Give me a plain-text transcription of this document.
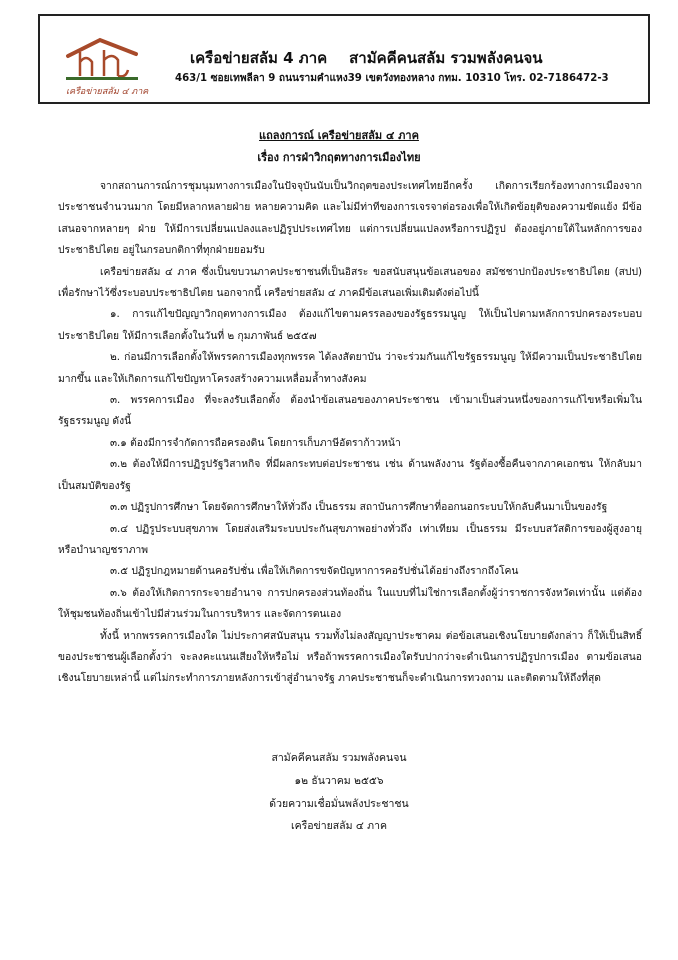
เครือข่ายสลัม ๔ ภาค
เครือข่ายสลัม 4 ภาค สามัคคีคนสลัม รวมพลังคนจน
463/1 ซอยเทพลีลา 9 ถนนรามคำแหง39 เขตวังทองหลาง กทม. 10310 โทร. 02-7186472-3
แถลงการณ์ เครือข่ายสลัม ๔ ภาค
เรื่อง การฝ่าวิกฤตทางการเมืองไทย

จากสถานการณ์การชุมนุมทางการเมืองในปัจจุบันนับเป็นวิกฤตของประเทศไทยอีกครั้ง เกิดการเรียกร้องทางการเมืองจากประชาชนจำนวนมาก โดยมีหลากหลายฝ่าย หลายความคิด และไม่มีท่าทีของการเจรจาต่อรองเพื่อให้เกิดข้อยุติของความขัดแย้ง มีข้อเสนอจากหลายๆ ฝ่าย ให้มีการเปลี่ยนแปลงและปฏิรูปประเทศไทย แต่การเปลี่ยนแปลงหรือการปฏิรูป ต้องอยู่ภายใต้ในหลักการของประชาธิปไตย อยู่ในกรอบกติกาที่ทุกฝ่ายยอมรับ

เครือข่ายสลัม ๔ ภาค ซึ่งเป็นขบวนภาคประชาชนที่เป็นอิสระ ขอสนับสนุนข้อเสนอของ สมัชชาปกป้องประชาธิปไตย (สปป) เพื่อรักษาไว้ซึ่งระบอบประชาธิปไตย นอกจากนี้ เครือข่ายสลัม ๔ ภาคมีข้อเสนอเพิ่มเติมดังต่อไปนี้

๑. การแก้ไขปัญญาวิกฤตทางการเมือง ต้องแก้ไขตามครรลองของรัฐธรรมนูญ ให้เป็นไปตามหลักการปกครองระบอบประชาธิปไตย ให้มีการเลือกตั้งในวันที่ ๒ กุมภาพันธ์ ๒๕๕๗

๒. ก่อนมีการเลือกตั้งให้พรรคการเมืองทุกพรรค ได้ลงสัตยาบัน ว่าจะร่วมกันแก้ไขรัฐธรรมนูญ ให้มีความเป็นประชาธิปไตยมากขึ้น และให้เกิดการแก้ไขปัญหาโครงสร้างความเหลื่อมล้ำทางสังคม

๓. พรรคการเมือง ที่จะลงรับเลือกตั้ง ต้องนำข้อเสนอของภาคประชาชน เข้ามาเป็นส่วนหนึ่งของการแก้ไขหรือเพิ่มในรัฐธรรมนูญ ดังนี้

๓.๑ ต้องมีการจำกัดการถือครองดิน โดยการเก็บภาษีอัตราก้าวหน้า

๓.๒ ต้องให้มีการปฏิรูปรัฐวิสาหกิจ ที่มีผลกระทบต่อประชาชน เช่น ด้านพลังงาน รัฐต้องซื้อคืนจากภาคเอกชน ให้กลับมาเป็นสมบัติของรัฐ

๓.๓ ปฏิรูปการศึกษา โดยจัดการศึกษาให้ทั่วถึง เป็นธรรม สถาบันการศึกษาที่ออกนอกระบบให้กลับคืนมาเป็นของรัฐ

๓.๔ ปฏิรูประบบสุขภาพ โดยส่งเสริมระบบประกันสุขภาพอย่างทั่วถึง เท่าเทียม เป็นธรรม มีระบบสวัสดิการของผู้สูงอายุ หรือบำนาญชราภาพ

๓.๕ ปฏิรูปกฎหมายด้านคอรัปชั่น เพื่อให้เกิดการขจัดปัญหาการคอรัปชั่นได้อย่างถึงรากถึงโคน

๓.๖ ต้องให้เกิดการกระจายอำนาจ การปกครองส่วนท้องถิ่น ในแบบที่ไม่ใช่การเลือกตั้งผู้ว่าราชการจังหวัดเท่านั้น แต่ต้องให้ชุมชนท้องถิ่นเข้าไปมีส่วนร่วมในการบริหาร และจัดการตนเอง

ทั้งนี้ หากพรรคการเมืองใด ไม่ประกาศสนับสนุน รวมทั้งไม่ลงสัญญาประชาคม ต่อข้อเสนอเชิงนโยบายดังกล่าว ก็ให้เป็นสิทธิ์ของประชาชนผู้เลือกตั้งว่า จะลงคะแนนเสียงให้หรือไม่ หรือถ้าพรรคการเมืองใดรับปากว่าจะดำเนินการปฏิรูปการเมือง ตามข้อเสนอเชิงนโยบายเหล่านี้ แต่ไม่กระทำการภายหลังการเข้าสู่อำนาจรัฐ ภาคประชาชนก็จะดำเนินการทวงถาม และติดตามให้ถึงที่สุด

สามัคคีคนสลัม รวมพลังคนจน
๑๒ ธันวาคม ๒๕๕๖
ด้วยความเชื่อมั่นพลังประชาชน
เครือข่ายสลัม ๔ ภาค
